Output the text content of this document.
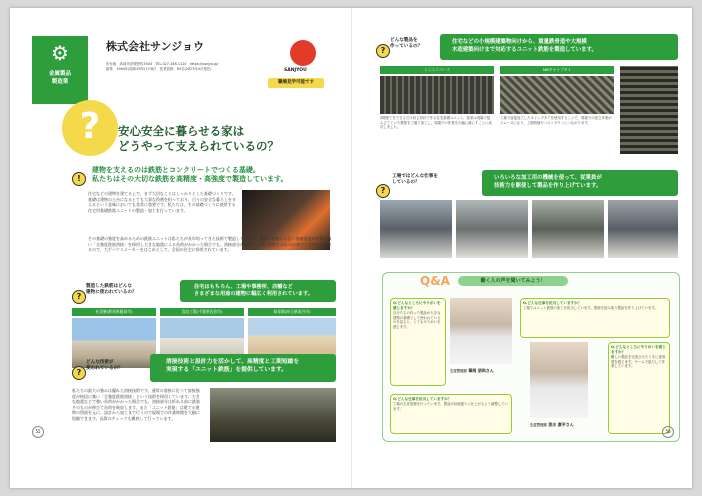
⚙
金属製品
製造業
株式会社サンジョウ
所在地　高崎市倉賀野町3304　TEL.027-346-1120　https://sanjyo.jp/
創業　1964年(昭和39年)7月6日　従業員数：63名(2023年4月現在)	SANJYOU
職場見学可能です
?	安心安全に暮らせる家は
どうやって支えられているの？
!
建物を支えるのは鉄筋とコンクリートでつくる基礎。
私たちはその大切な鉄筋を高精度・高強度で製造しています。
住宅などの建物を建てる上で、まず大切なことはしっかりとした基礎づくりです。基礎は建物の土台になるとても大事な役割を担っており、日々の安全な暮らしを支えるという意味においても非常に重要です。私たちは、その基礎づくりに使用する住宅用基礎鉄筋ユニットの製造・加工を行っています。
その基礎の強度を高めるための鉄筋ユニットは私たちが長年培ってきた技術で製造しています。通常の溶接にはない溶接強度が特徴に強い「全強度鉄筋溶接」を採用し大きな地震による負荷がかかった場合でも、溶接部分が破断する前に鉄筋そのものが伸びて負荷を吸収するので、大手ハウスメーカーをはじめとして、全国の住宅に採用されています。
?
製造した鉄筋はどんな
建物に使われているの？
住宅はもちろん、工場や事務所、店舗など
さまざまな用途の建物に幅広く利用されています。
社員寮(群馬県藤岡市)	食品工場(千葉県佐倉市)	保育園(埼玉県深谷市)
?
どんな技術が
使われているの？
溶接技術と設計力を活かして、高精度と工期短縮を
実現する「ユニット鉄筋」を提供しています。
私たちの最大の強みは優れた溶接技術です。通常の溶接に比べて溶接強度が格段に強い「全強度鉄筋溶接」という技術を採用しています。大きな地震などで強い負荷がかかった場合でも、溶接部分は折れる前に鉄筋そのものが伸びて負荷を吸収します。また「ユニット鉄筋」は建てる建物の図面を元に、設計から加工まで行うので現場での作業時間を大幅に短縮できます。品質のチェックも徹底して行っています。
55
?
どんな製品を
作っているの？
住宅などの小規模建築物向けから、重量鉄骨造や大規模
木造建築向けまで対応するユニット鉄筋を製造しています。
ミニユニベース	MBキャップタイ
3間建てをできるだけ同じ形状で作る住宅基礎ユニット。従来は現場で組み立てていた鉄筋を工場で加工し、現場での作業を大幅に減らすことに成功しました。
工場で溶接加工したキャップタイを使用することで、現場での組立作業がスムーズになり、工期短縮やコストダウンにつながります。
?
工場ではどんな仕事を
しているの？
いろいろな加工用の機械を使って、従業員が
技術力を駆使して製品を作り上げています。
Q&A	働く人の声を聞いてみよう！
Q.どんなところにやりがいを感じますか？
自分たちの作った製品が大きな建物の基礎として使われているのを見ると、とてもやりがいを感じます。
生産管理部 篠岡 朋尚さん
Q.どんな仕事を担当していますか？
工場の生産管理を行っています。製品が計画通りに仕上がるよう調整しています。
Q.どんな仕事を担当していますか？
工場でユニット鉄筋の加工を担当しています。図面を読み取り製品を作り上げています。
生産管理部 流水 康平さん
Q.どんなところにやりがいを感じますか？
難しい製品を完成させたときに達成感を感じます。チームで協力して作業しています。
56
